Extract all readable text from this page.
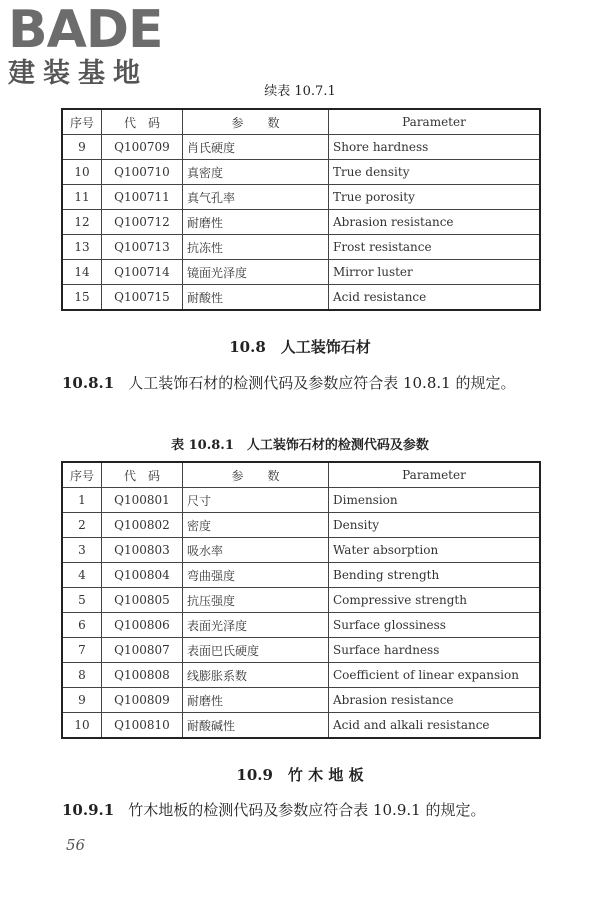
BADE
建装基地
续表 10.7.1
序号	代　码	参　　数	Parameter
9	Q100709	肖氏硬度	Shore hardness
10	Q100710	真密度	True density
11	Q100711	真气孔率	True porosity
12	Q100712	耐磨性	Abrasion resistance
13	Q100713	抗冻性	Frost resistance
14	Q100714	镜面光泽度	Mirror luster
15	Q100715	耐酸性	Acid resistance
10.8　人工装饰石材
10.8.1 人工装饰石材的检测代码及参数应符合表 10.8.1 的规定。
表 10.8.1　人工装饰石材的检测代码及参数
序号	代　码	参　　数	Parameter
1	Q100801	尺寸	Dimension
2	Q100802	密度	Density
3	Q100803	吸水率	Water absorption
4	Q100804	弯曲强度	Bending strength
5	Q100805	抗压强度	Compressive strength
6	Q100806	表面光泽度	Surface glossiness
7	Q100807	表面巴氏硬度	Surface hardness
8	Q100808	线膨胀系数	Coefficient of linear expansion
9	Q100809	耐磨性	Abrasion resistance
10	Q100810	耐酸碱性	Acid and alkali resistance
10.9　竹 木 地 板
10.9.1 竹木地板的检测代码及参数应符合表 10.9.1 的规定。
56
